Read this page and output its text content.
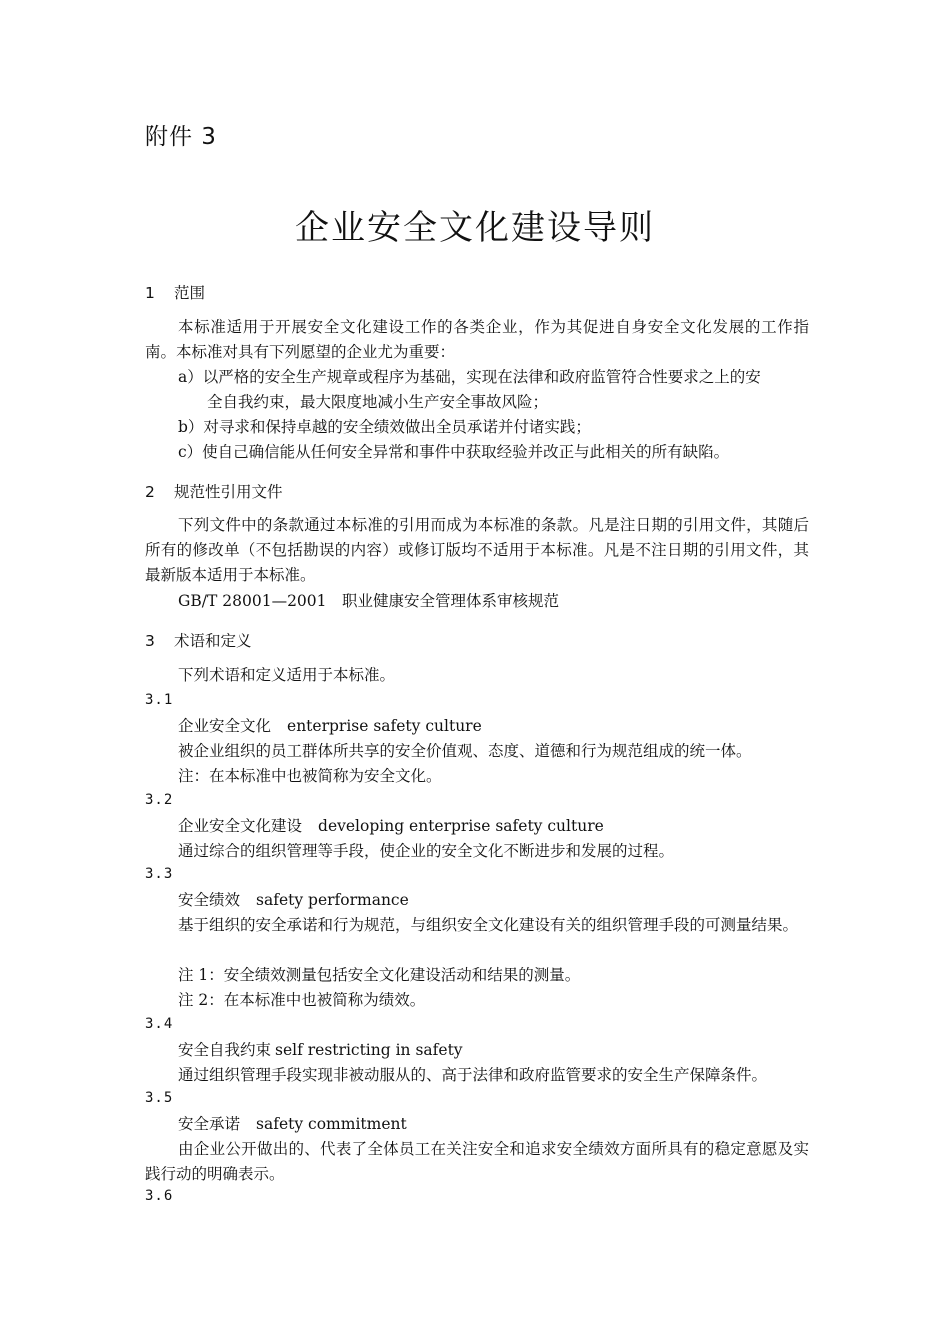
附件 3
企业安全文化建设导则
1 范围
本标准适用于开展安全文化建设工作的各类企业，作为其促进自身安全文化发展的工作指南。本标准对具有下列愿望的企业尤为重要：
a）以严格的安全生产规章或程序为基础，实现在法律和政府监管符合性要求之上的安
全自我约束，最大限度地减小生产安全事故风险；
b）对寻求和保持卓越的安全绩效做出全员承诺并付诸实践；
c）使自己确信能从任何安全异常和事件中获取经验并改正与此相关的所有缺陷。
2 规范性引用文件
下列文件中的条款通过本标准的引用而成为本标准的条款。凡是注日期的引用文件，其随后所有的修改单（不包括勘误的内容）或修订版均不适用于本标准。凡是不注日期的引用文件，其最新版本适用于本标准。
GB/T 28001—2001　职业健康安全管理体系审核规范
3 术语和定义
下列术语和定义适用于本标准。
3.1
企业安全文化 enterprise safety culture
被企业组织的员工群体所共享的安全价值观、态度、道德和行为规范组成的统一体。
注：在本标准中也被简称为安全文化。
3.2
企业安全文化建设 developing enterprise safety culture
通过综合的组织管理等手段，使企业的安全文化不断进步和发展的过程。
3.3
安全绩效 safety performance
基于组织的安全承诺和行为规范，与组织安全文化建设有关的组织管理手段的可测量结果。
注 1：安全绩效测量包括安全文化建设活动和结果的测量。
注 2：在本标准中也被简称为绩效。
3.4
安全自我约束 self restricting in safety
通过组织管理手段实现非被动服从的、高于法律和政府监管要求的安全生产保障条件。
3.5
安全承诺 safety commitment
由企业公开做出的、代表了全体员工在关注安全和追求安全绩效方面所具有的稳定意愿及实践行动的明确表示。
3.6
